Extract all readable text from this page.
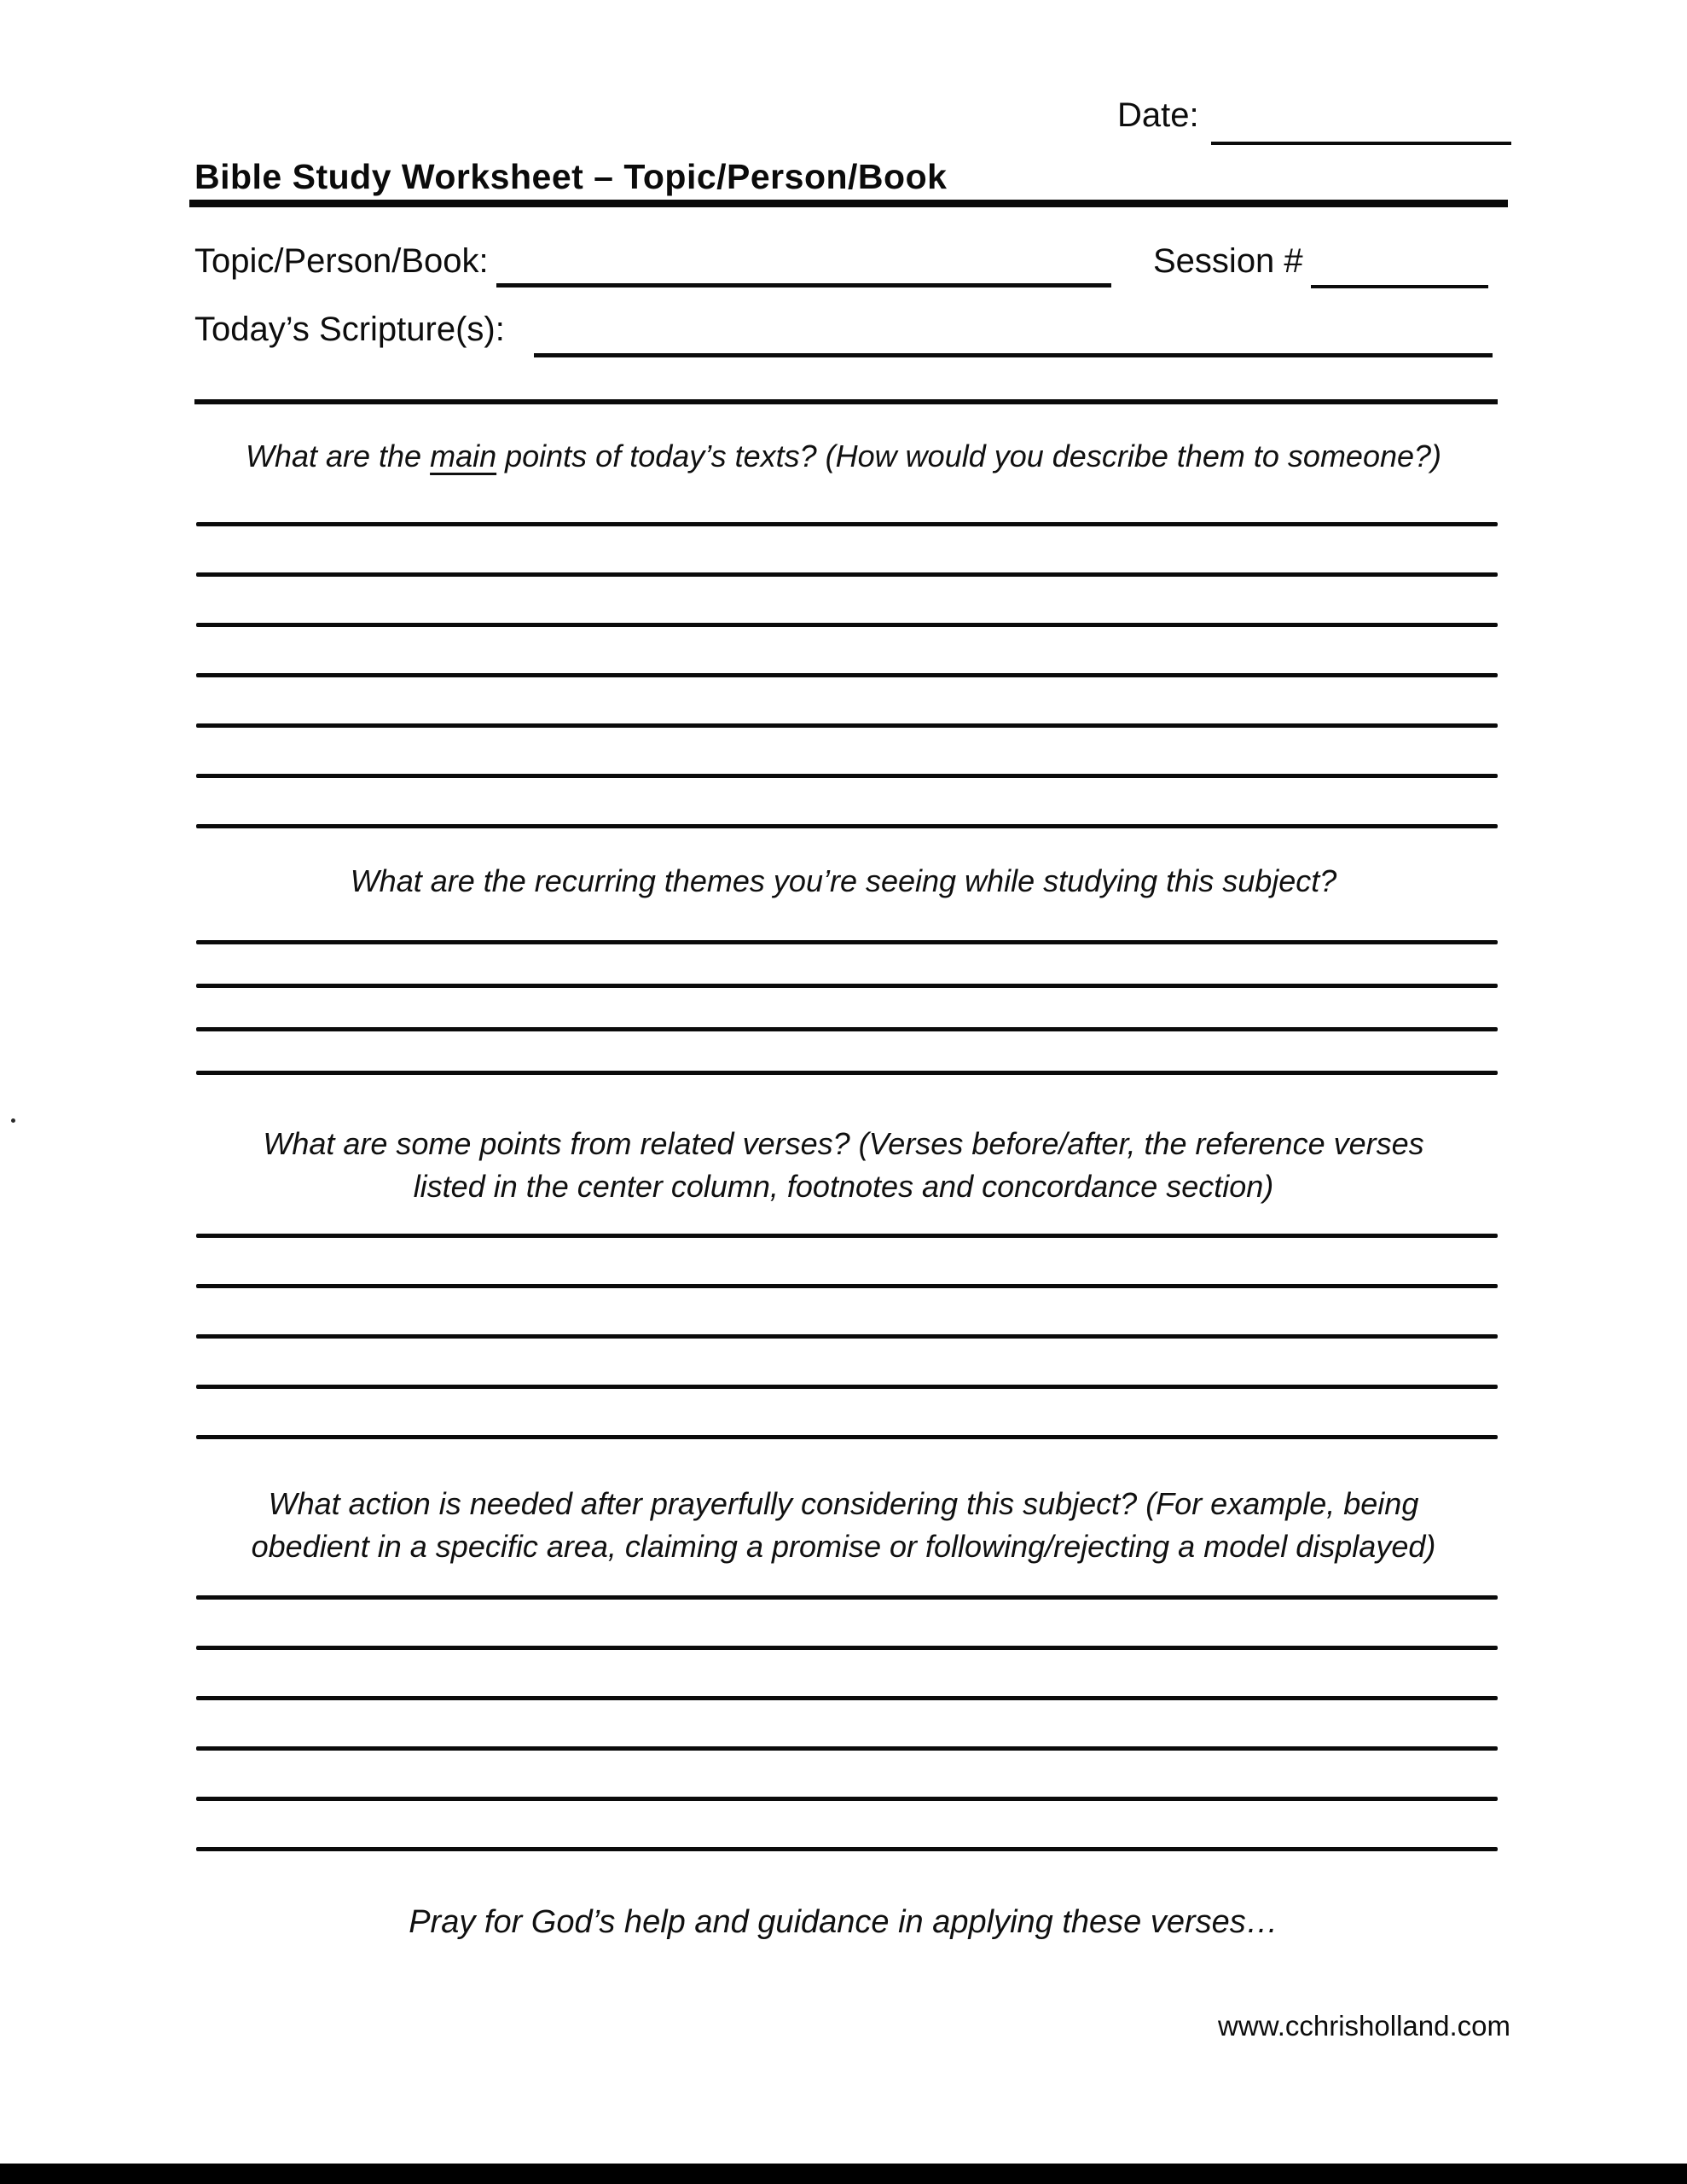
Date:
Bible Study Worksheet – Topic/Person/Book
Topic/Person/Book:	Session #
Today’s Scripture(s):
What are the main points of today’s texts? (How would you describe them to someone?)
What are the recurring themes you’re seeing while studying this subject?
What are some points from related verses? (Verses before/after, the reference verses
listed in the center column, footnotes and concordance section)
What action is needed after prayerfully considering this subject? (For example, being
obedient in a specific area, claiming a promise or following/rejecting a model displayed)
Pray for God’s help and guidance in applying these verses…
www.cchrisholland.com
